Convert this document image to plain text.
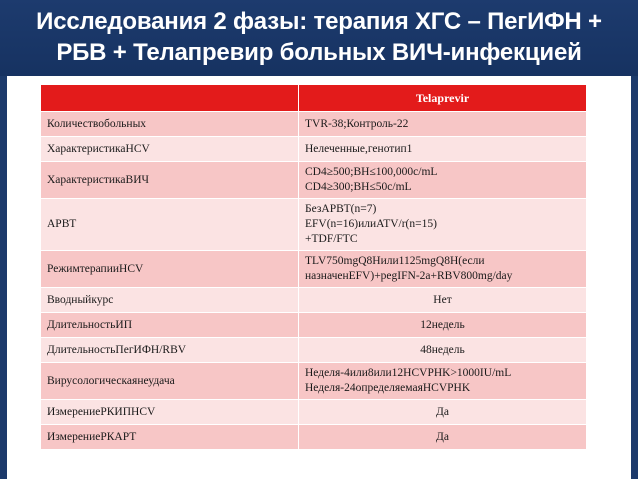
Исследования 2 фазы: терапия ХГС – ПегИФН + РБВ + Телапревир больных ВИЧ-инфекцией
	Telaprevir
Количествобольных	TVR-38;Контроль-22

ХарактеристикаHCV	Нелеченные,генотип1

ХарактеристикаВИЧ	CD4≥500;ВН≤100,000c/mL
CD4≥300;ВН≤50c/mL

АРВТ	БезАРВТ(n=7)
EFV(n=16)илиATV/r(n=15)
+TDF/FTC

РежимтерапииHCV	TLV750mgQ8Hили1125mgQ8H(если
назначенEFV)+pegIFN-2a+RBV800mg/day

Вводныйкурс	Нет

ДлительностьИП	12недель

ДлительностьПегИФН/RBV	48недель

Вирусологическаянеудача	Неделя-4или8или12HCVPHK>1000IU/mL
Неделя-24определяемаяHCVPHK

ИзмерениеРКИПHCV	Да

ИзмерениеРКАРТ	Да
